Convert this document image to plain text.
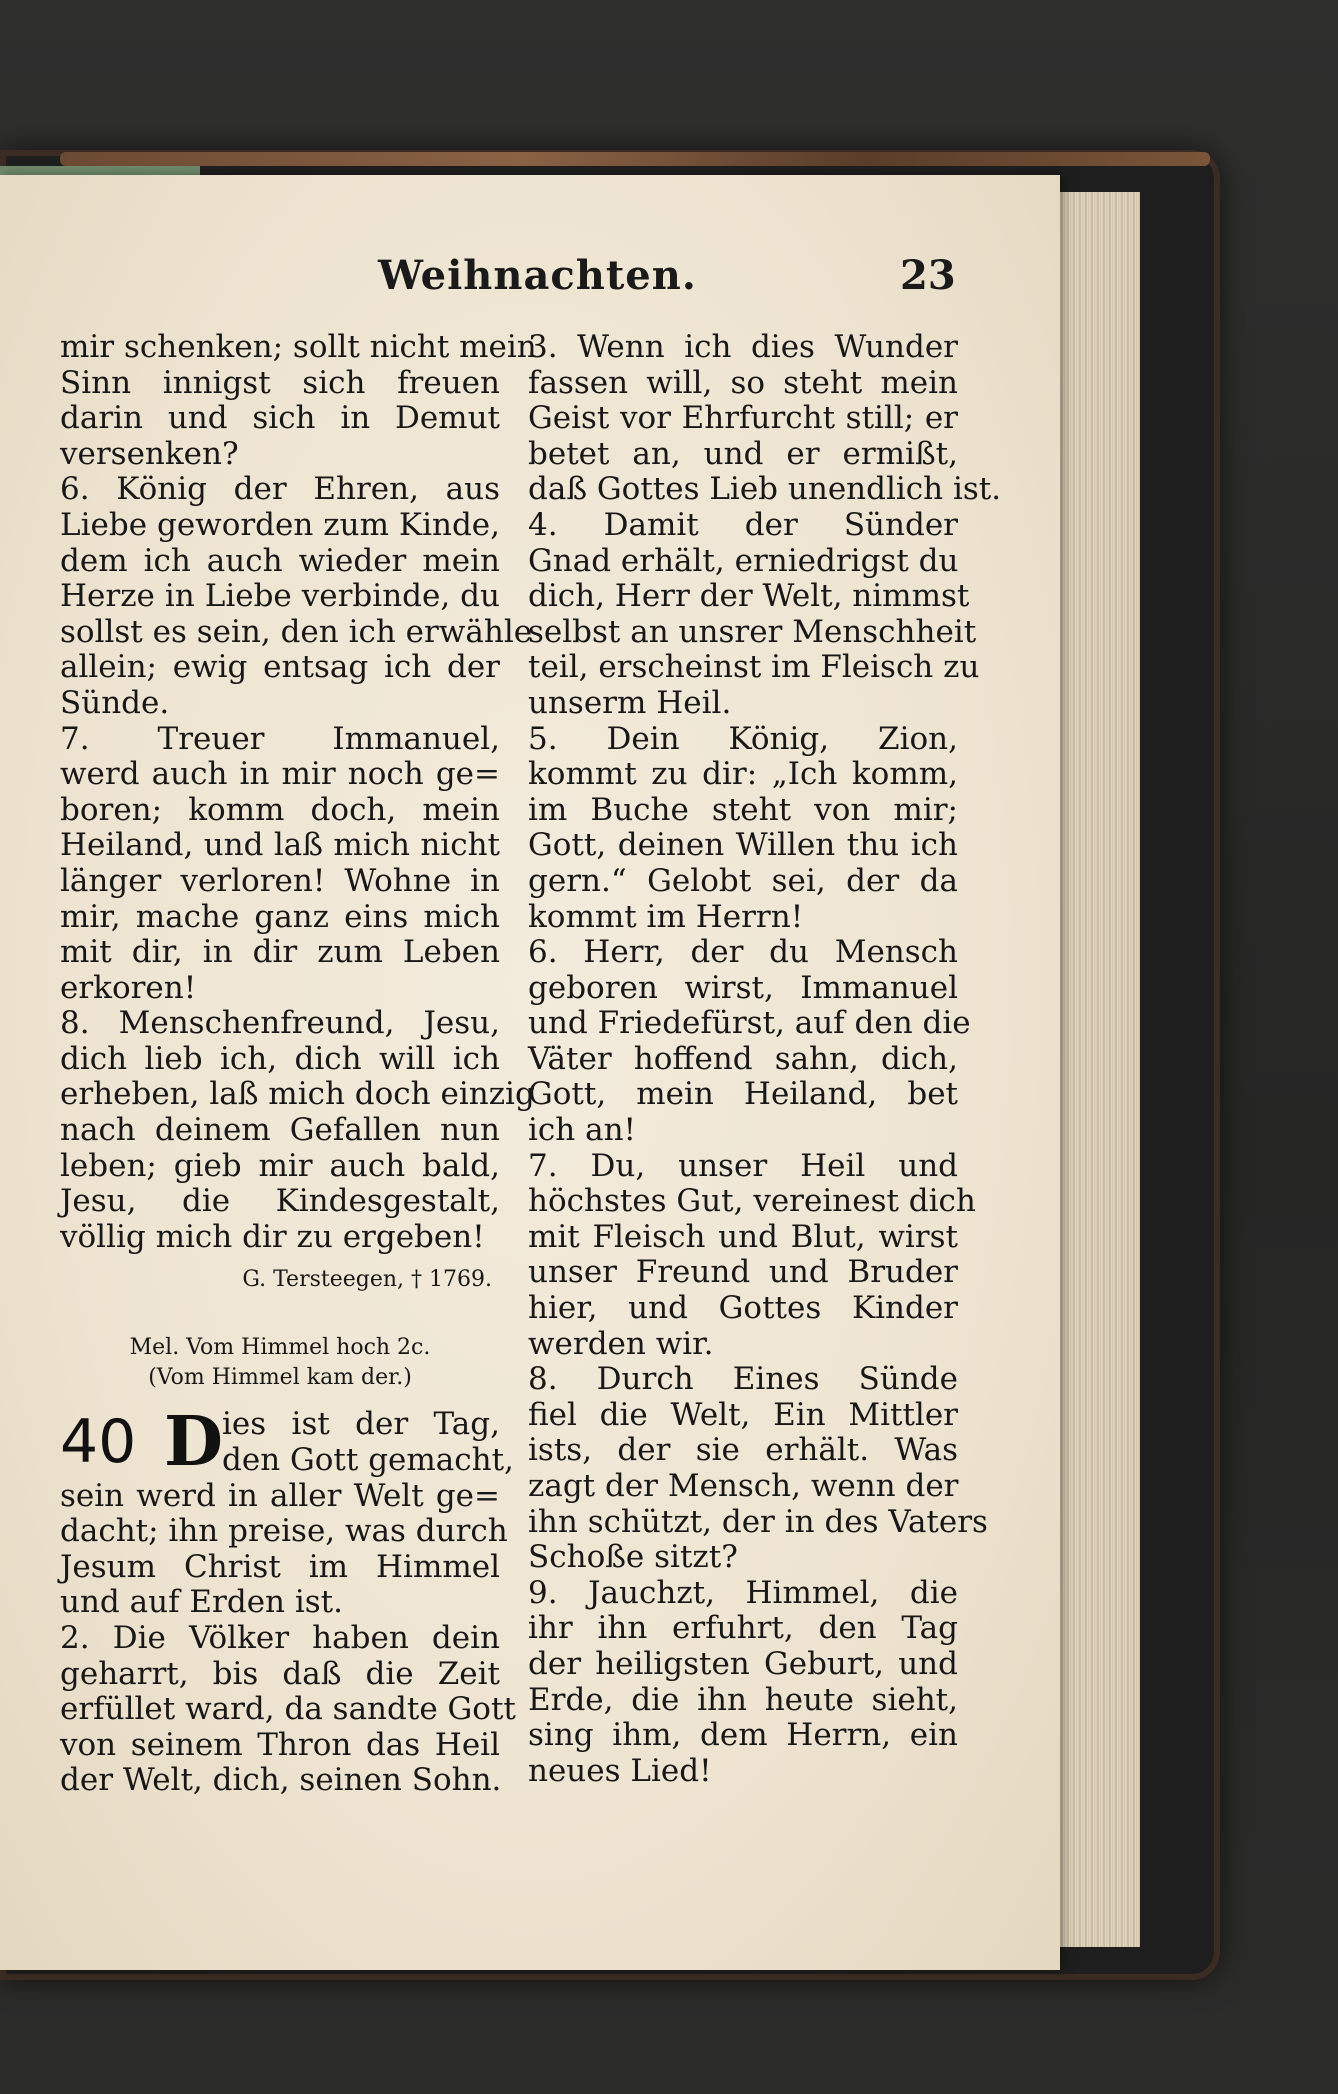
Weihnachten.	23
mir schenken; sollt nicht mein
Sinn innigst sich freuen
darin und sich in Demut
versenken?
6. König der Ehren, aus
Liebe geworden zum Kinde,
dem ich auch wieder mein
Herze in Liebe verbinde, du
sollst es sein, den ich erwähle
allein; ewig entsag ich der
Sünde.
7. Treuer Immanuel,
werd auch in mir noch ge=
boren; komm doch, mein
Heiland, und laß mich nicht
länger verloren! Wohne in
mir, mache ganz eins mich
mit dir, in dir zum Leben
erkoren!
8. Menschenfreund, Jesu,
dich lieb ich, dich will ich
erheben, laß mich doch einzig
nach deinem Gefallen nun
leben; gieb mir auch bald,
Jesu, die Kindesgestalt,
völlig mich dir zu ergeben!
G. Tersteegen, † 1769.
Mel. Vom Himmel hoch 2c.
(Vom Himmel kam der.)
40 D ies ist der Tag,
den Gott gemacht,
sein werd in aller Welt ge=
dacht; ihn preise, was durch
Jesum Christ im Himmel
und auf Erden ist.
2. Die Völker haben dein
geharrt, bis daß die Zeit
erfüllet ward, da sandte Gott
von seinem Thron das Heil
der Welt, dich, seinen Sohn.
3. Wenn ich dies Wunder
fassen will, so steht mein
Geist vor Ehrfurcht still; er
betet an, und er ermißt,
daß Gottes Lieb unendlich ist.
4. Damit der Sünder
Gnad erhält, erniedrigst du
dich, Herr der Welt, nimmst
selbst an unsrer Menschheit
teil, erscheinst im Fleisch zu
unserm Heil.
5. Dein König, Zion,
kommt zu dir: „Ich komm,
im Buche steht von mir;
Gott, deinen Willen thu ich
gern.“ Gelobt sei, der da
kommt im Herrn!
6. Herr, der du Mensch
geboren wirst, Immanuel
und Friedefürst, auf den die
Väter hoffend sahn, dich,
Gott, mein Heiland, bet
ich an!
7. Du, unser Heil und
höchstes Gut, vereinest dich
mit Fleisch und Blut, wirst
unser Freund und Bruder
hier, und Gottes Kinder
werden wir.
8. Durch Eines Sünde
fiel die Welt, Ein Mittler
ists, der sie erhält. Was
zagt der Mensch, wenn der
ihn schützt, der in des Vaters
Schoße sitzt?
9. Jauchzt, Himmel, die
ihr ihn erfuhrt, den Tag
der heiligsten Geburt, und
Erde, die ihn heute sieht,
sing ihm, dem Herrn, ein
neues Lied!
